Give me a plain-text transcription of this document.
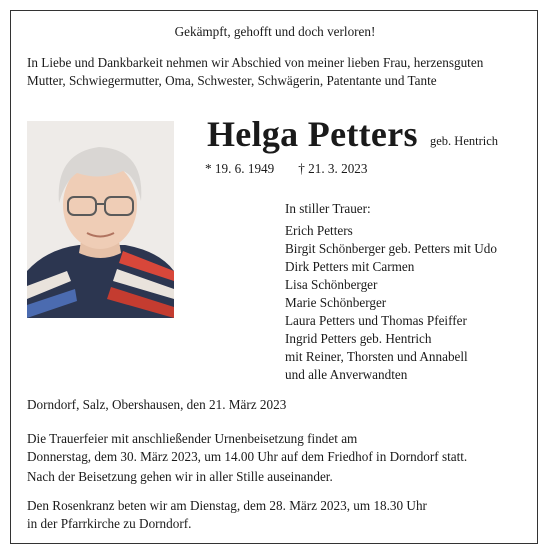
Gekämpft, gehofft und doch verloren!
In Liebe und Dankbarkeit nehmen wir Abschied von meiner lieben Frau, herzensguten
Mutter, Schwiegermutter, Oma, Schwester, Schwägerin, Patentante und Tante
Helga Petters geb. Hentrich
* 19. 6. 1949 † 21. 3. 2023
In stiller Trauer:
Erich Petters
Birgit Schönberger geb. Petters mit Udo
Dirk Petters mit Carmen
Lisa Schönberger
Marie Schönberger
Laura Petters und Thomas Pfeiffer
Ingrid Petters geb. Hentrich
mit Reiner, Thorsten und Annabell
und alle Anverwandten
Dorndorf, Salz, Obershausen, den 21. März 2023
Die Trauerfeier mit anschließender Urnenbeisetzung findet am
Donnerstag, dem 30. März 2023, um 14.00 Uhr auf dem Friedhof in Dorndorf statt.
Nach der Beisetzung gehen wir in aller Stille auseinander.
Den Rosenkranz beten wir am Dienstag, dem 28. März 2023, um 18.30 Uhr
in der Pfarrkirche zu Dorndorf.
